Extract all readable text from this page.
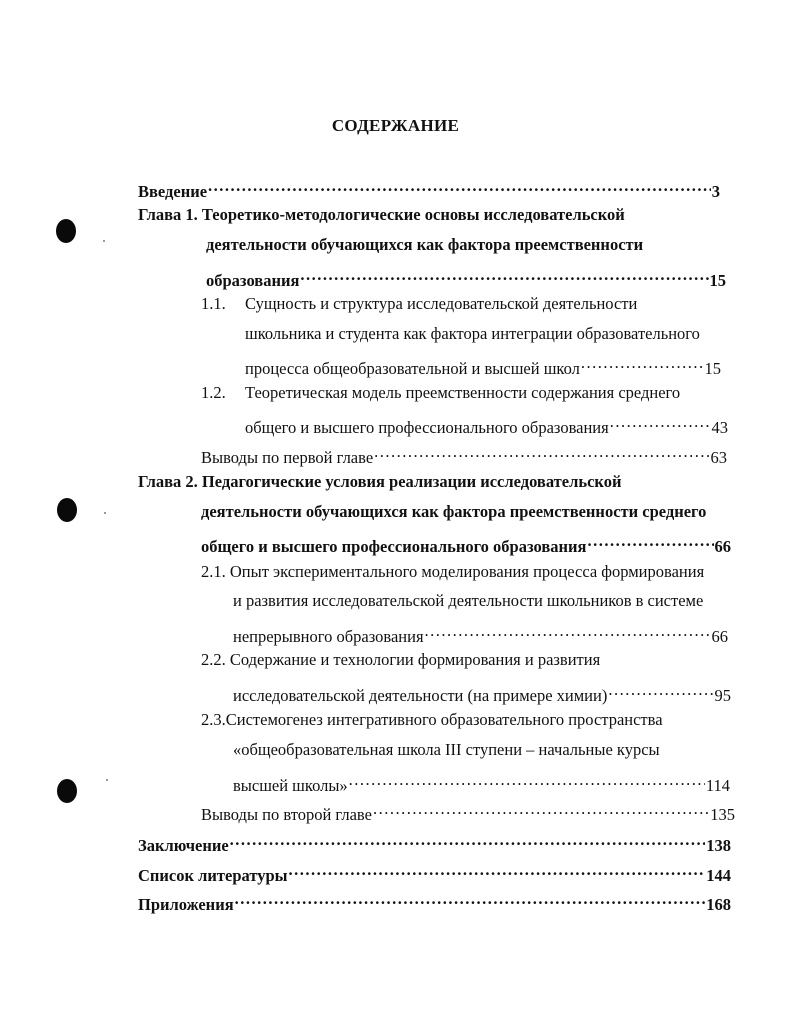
СОДЕРЖАНИЕ
Введение .....	3
Глава 1. Теоретико-методологические основы исследовательской
деятельности обучающихся как фактора преемственности
образования .....	15
1.1. Сущность и структура исследовательской деятельности
школьника и студента как фактора интеграции образовательного
процесса общеобразовательной и высшей школ .....	15
1.2. Теоретическая модель преемственности содержания среднего
общего и высшего профессионального образования .....	43
Выводы по первой главе .....	63
Глава 2. Педагогические условия реализации исследовательской
деятельности обучающихся как фактора преемственности среднего
общего и высшего профессионального образования .....	66
2.1. Опыт экспериментального моделирования процесса формирования
и развития исследовательской деятельности школьников в системе
непрерывного образования .....	66
2.2. Содержание и технологии формирования и развития
исследовательской деятельности (на примере химии) .....	95
2.3.Системогенез интегративного образовательного пространства
«общеобразовательная школа III ступени – начальные курсы
высшей школы» .....	114
Выводы по второй главе .....	135
Заключение .....	138
Список литературы .....	144
Приложения .....	168
